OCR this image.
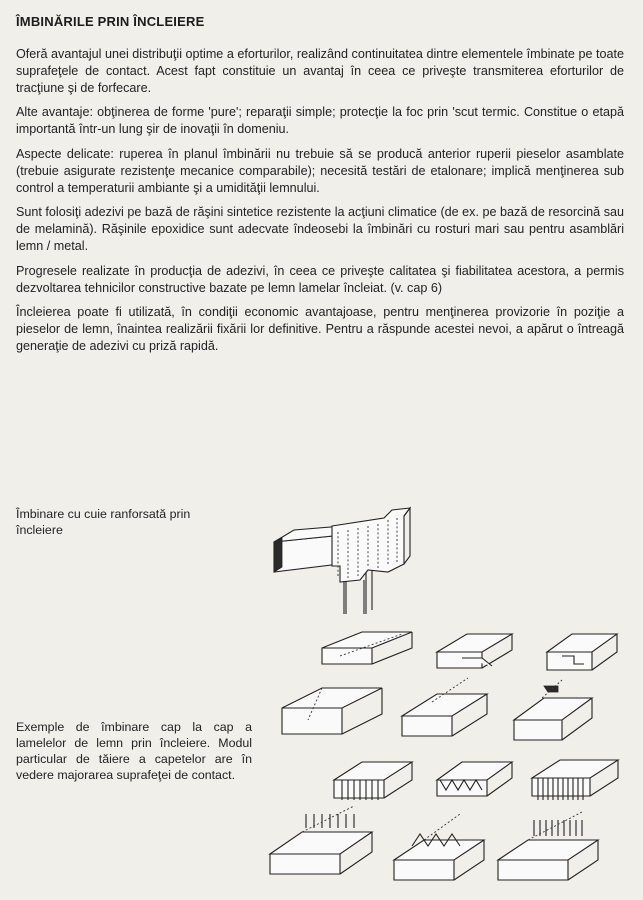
ÎMBINĂRILE PRIN ÎNCLEIERE

Oferă avantajul unei distribuţii optime a eforturilor, realizând continuitatea dintre elementele îmbinate pe toate suprafeţele de contact. Acest fapt constituie un avantaj în ceea ce priveşte transmiterea eforturilor de tracţiune şi de forfecare.

Alte avantaje: obţinerea de forme 'pure'; reparaţii simple; protecţie la foc prin 'scut termic. Constitue o etapă importantă într-un lung şir de inovaţii în domeniu.

Aspecte delicate: ruperea în planul îmbinării nu trebuie să se producă anterior ruperii pieselor asamblate (trebuie asigurate rezistenţe mecanice comparabile); necesită testări de etalonare; implică menţinerea sub control a temperaturii ambiante şi a umidităţii lemnului.

Sunt folosiţi adezivi pe bază de răşini sintetice rezistente la acţiuni climatice (de ex. pe bază de resorcină sau de melamină). Răşinile epoxidice sunt adecvate îndeosebi la îmbinări cu rosturi mari sau pentru asamblări lemn / metal.

Progresele realizate în producţia de adezivi, în ceea ce priveşte calitatea şi fiabilitatea acestora, a permis dezvoltarea tehnicilor constructive bazate pe lemn lamelar încleiat. (v. cap 6)

Încleierea poate fi utilizată, în condiţii economic avantajoase, pentru menţinerea provizorie în poziţie a pieselor de lemn, înaintea realizării fixării lor definitive. Pentru a răspunde acestei nevoi, a apărut o întreagă generaţie de adezivi cu priză rapidă.

Îmbinare cu cuie ranforsată prin încleiere
Exemple de îmbinare cap la cap a lamelelor de lemn prin încleiere. Modul particular de tăiere a capetelor are în vedere majorarea suprafeţei de contact.
